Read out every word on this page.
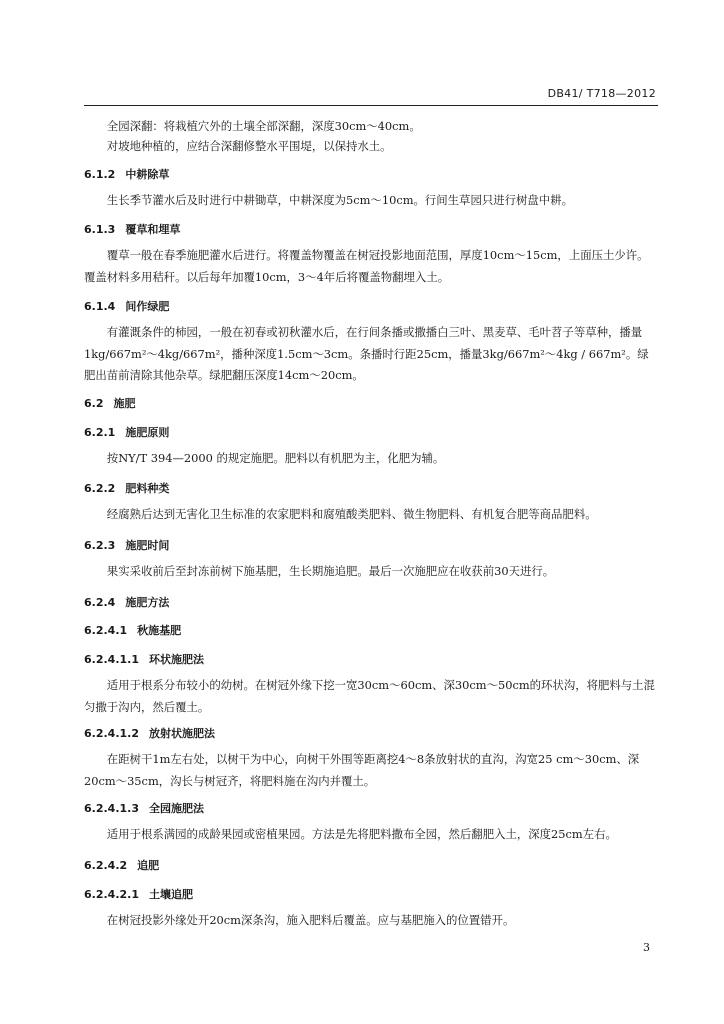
DB41/ T718—2012

全园深翻：将栽植穴外的土壤全部深翻，深度30cm～40cm。

对坡地种植的，应结合深翻修整水平围堤，以保持水土。

6.1.2 中耕除草

生长季节灌水后及时进行中耕锄草，中耕深度为5cm～10cm。行间生草园只进行树盘中耕。

6.1.3 覆草和埋草

覆草一般在春季施肥灌水后进行。将覆盖物覆盖在树冠投影地面范围，厚度10cm～15cm，上面压土少许。覆盖材料多用秸秆。以后每年加覆10cm，3～4年后将覆盖物翻埋入土。

6.1.4 间作绿肥

有灌溉条件的柿园，一般在初春或初秋灌水后，在行间条播或撒播白三叶、黑麦草、毛叶苕子等草种，播量1kg/667m²～4kg/667m²，播种深度1.5cm～3cm。条播时行距25cm，播量3kg/667m²～4kg / 667m²。绿肥出苗前清除其他杂草。绿肥翻压深度14cm～20cm。

6.2 施肥
6.2.1 施肥原则

按NY/T 394—2000 的规定施肥。肥料以有机肥为主，化肥为辅。

6.2.2 肥料种类

经腐熟后达到无害化卫生标准的农家肥料和腐殖酸类肥料、微生物肥料、有机复合肥等商品肥料。

6.2.3 施肥时间

果实采收前后至封冻前树下施基肥，生长期施追肥。最后一次施肥应在收获前30天进行。

6.2.4 施肥方法
6.2.4.1 秋施基肥
6.2.4.1.1 环状施肥法

适用于根系分布较小的幼树。在树冠外缘下挖一宽30cm～60cm、深30cm～50cm的环状沟，将肥料与土混匀撒于沟内，然后覆土。

6.2.4.1.2 放射状施肥法

在距树干1m左右处，以树干为中心，向树干外围等距离挖4～8条放射状的直沟，沟宽25 cm～30cm、深20cm～35cm，沟长与树冠齐，将肥料施在沟内并覆土。

6.2.4.1.3 全园施肥法

适用于根系满园的成龄果园或密植果园。方法是先将肥料撒布全园，然后翻肥入土，深度25cm左右。

6.2.4.2 追肥
6.2.4.2.1 土壤追肥

在树冠投影外缘处开20cm深条沟，施入肥料后覆盖。应与基肥施入的位置错开。

3
